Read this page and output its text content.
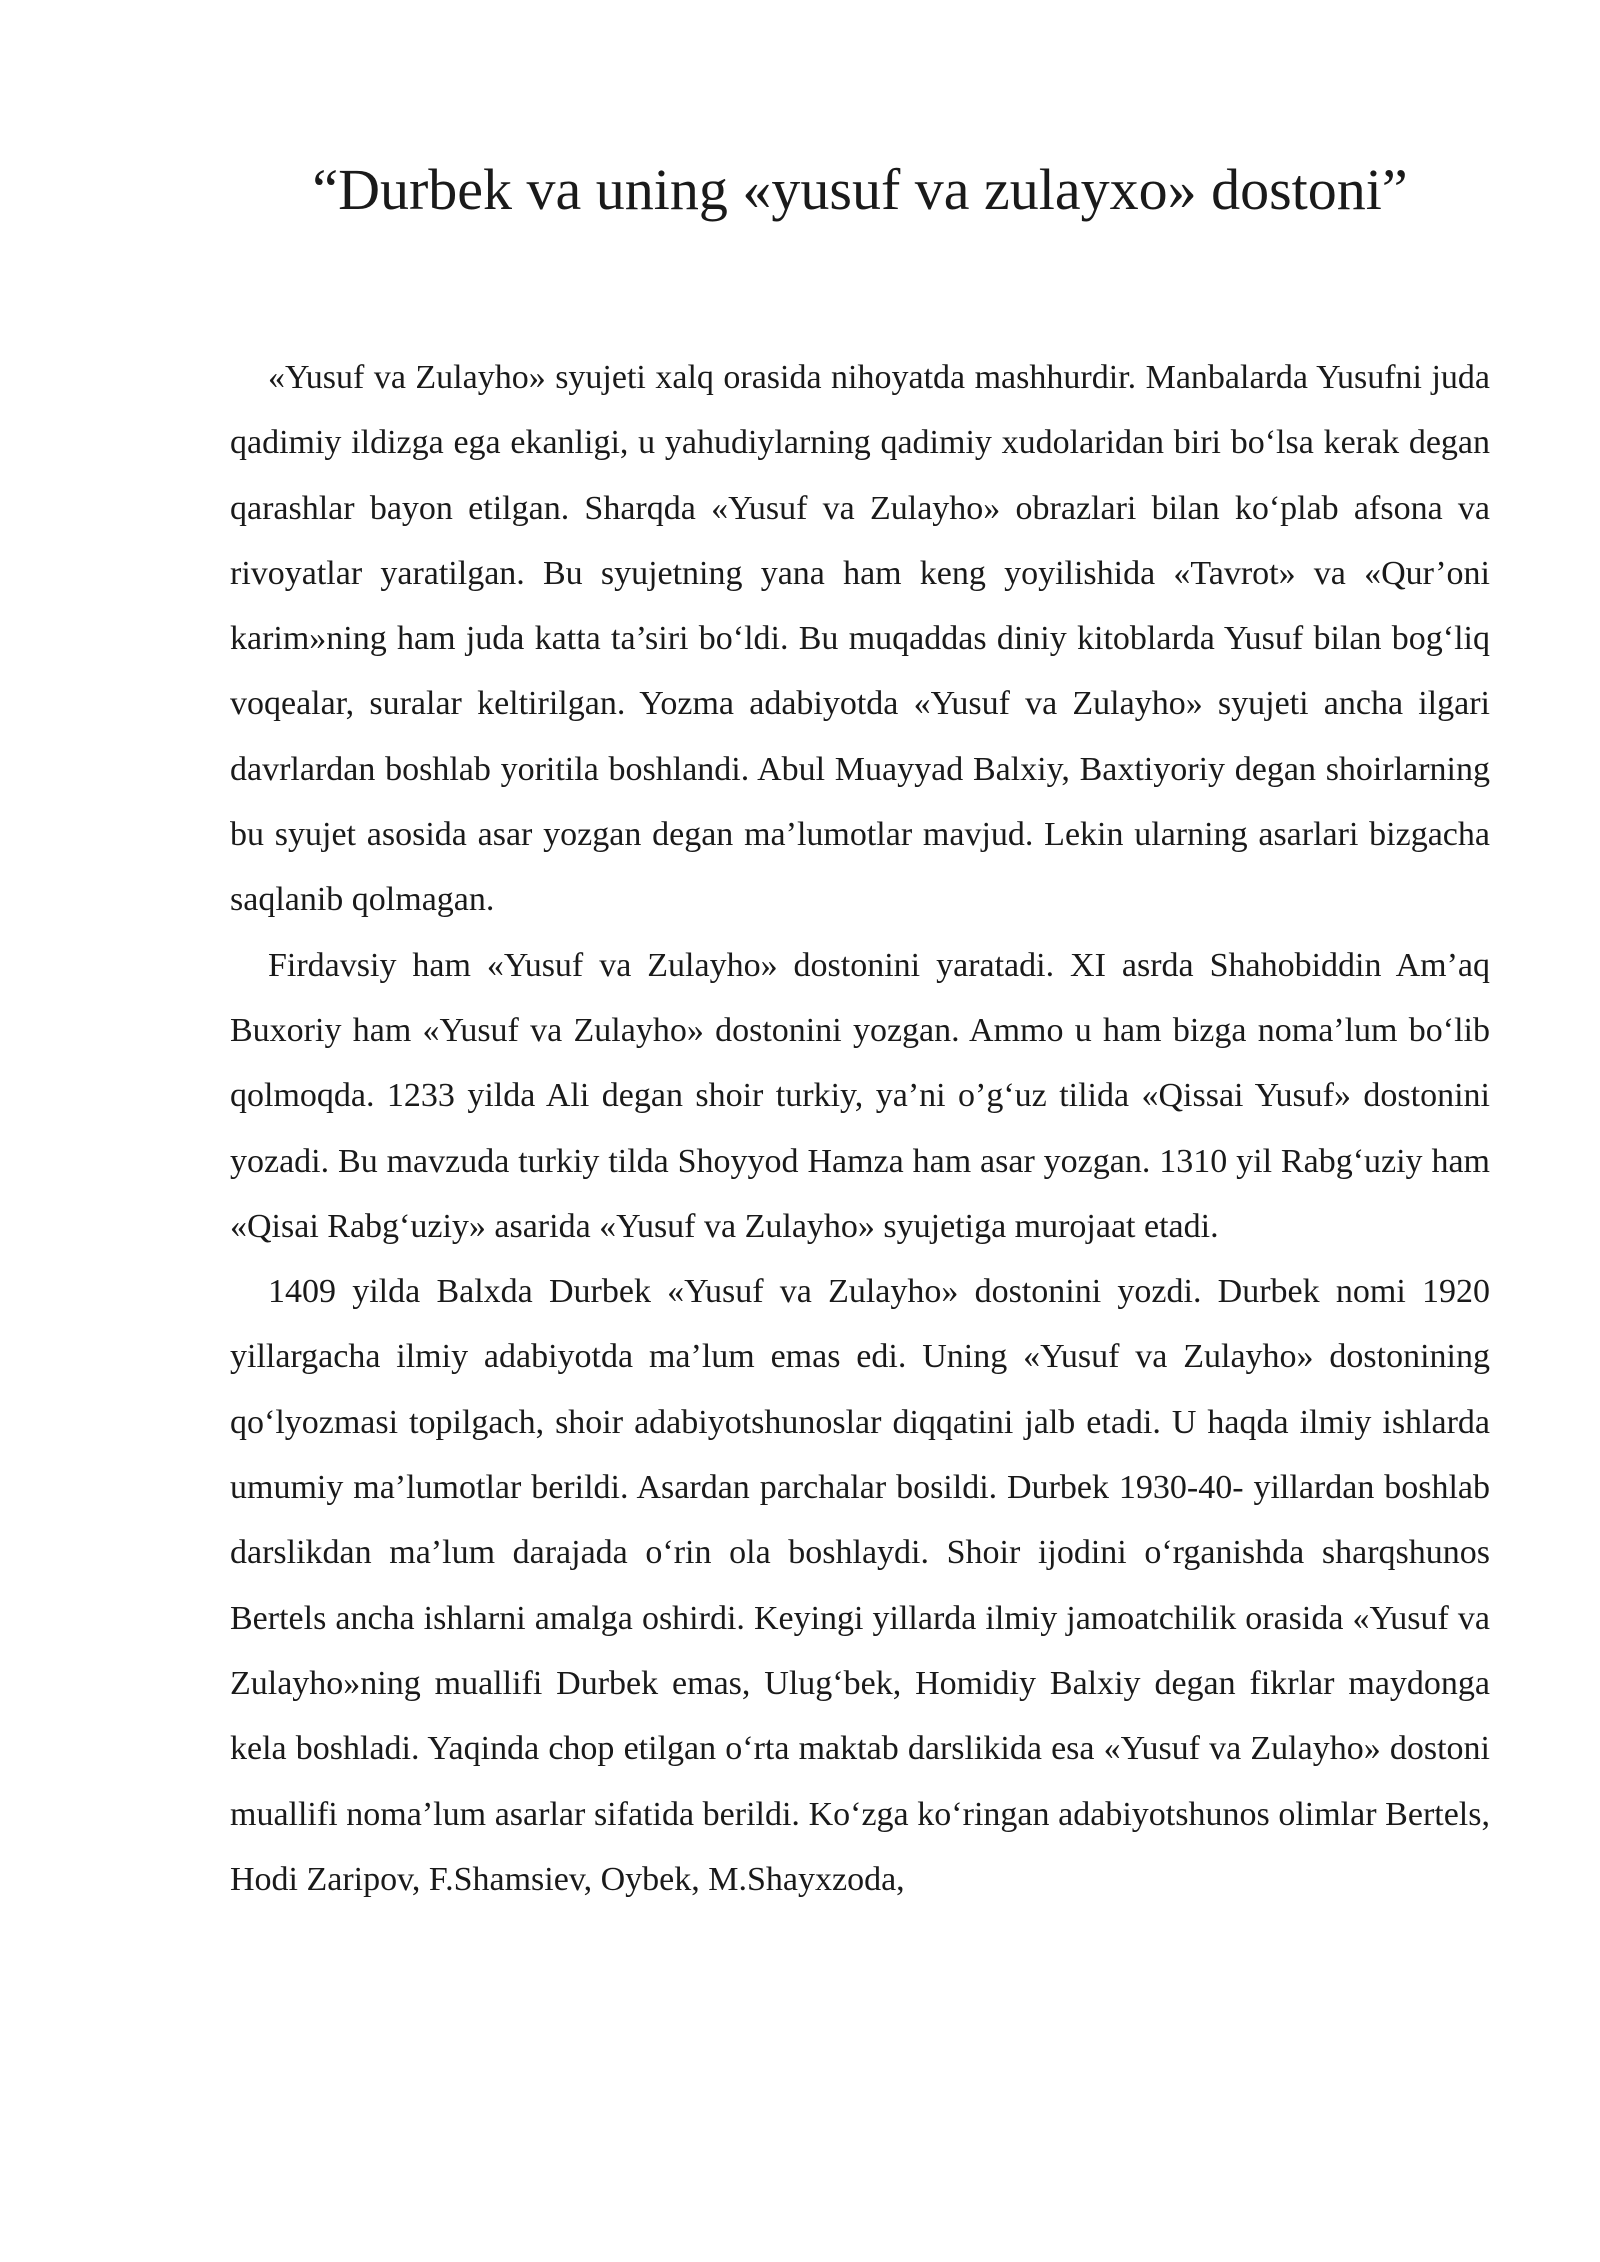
“Durbek va uning «yusuf va zulayxo» dostoni”

«Yusuf va Zulayho» syujeti xalq orasida nihoyatda mashhurdir. Manbalarda Yusufni juda qadimiy ildizga ega ekanligi, u yahudiylarning qadimiy xudolaridan biri boʻlsa kerak degan qarashlar bayon etilgan. Sharqda «Yusuf va Zulayho» obrazlari bilan koʻplab afsona va rivoyatlar yaratilgan. Bu syujetning yana ham keng yoyilishida «Tavrot» va «Qur’oni karim»ning ham juda katta ta’siri boʻldi. Bu muqaddas diniy kitoblarda Yusuf bilan bogʻliq voqealar, suralar keltirilgan. Yozma adabiyotda «Yusuf va Zulayho» syujeti ancha ilgari davrlardan boshlab yoritila boshlandi. Abul Muayyad Balxiy, Baxtiyoriy degan shoirlarning bu syujet asosida asar yozgan degan ma’lumotlar mavjud. Lekin ularning asarlari bizgacha saqlanib qolmagan.

Firdavsiy ham «Yusuf va Zulayho» dostonini yaratadi. XI asrda Shahobiddin Am’aq Buxoriy ham «Yusuf va Zulayho» dostonini yozgan. Ammo u ham bizga noma’lum boʻlib qolmoqda. 1233 yilda Ali degan shoir turkiy, ya’ni o’g‘uz tilida «Qissai Yusuf» dostonini yozadi. Bu mavzuda turkiy tilda Shoyyod Hamza ham asar yozgan. 1310 yil Rabgʻuziy ham «Qisai Rabgʻuziy» asarida «Yusuf va Zulayho» syujetiga murojaat etadi.

1409 yilda Balxda Durbek «Yusuf va Zulayho» dostonini yozdi. Durbek nomi 1920 yillargacha ilmiy adabiyotda ma’lum emas edi. Uning «Yusuf va Zulayho» dostonining qoʻlyozmasi topilgach, shoir adabiyotshunoslar diqqatini jalb etadi. U haqda ilmiy ishlarda umumiy ma’lumotlar berildi. Asardan parchalar bosildi. Durbek 1930-40- yillardan boshlab darslikdan ma’lum darajada oʻrin ola boshlaydi. Shoir ijodini oʻrganishda sharqshunos Bertels ancha ishlarni amalga oshirdi. Keyingi yillarda ilmiy jamoatchilik orasida «Yusuf va Zulayho»ning muallifi Durbek emas, Ulugʻbek, Homidiy Balxiy degan fikrlar maydonga kela boshladi. Yaqinda chop etilgan oʻrta maktab darslikida esa «Yusuf va Zulayho» dostoni muallifi noma’lum asarlar sifatida berildi. Koʻzga koʻringan adabiyotshunos olimlar Bertels, Hodi Zaripov, F.Shamsiev, Oybek, M.Shayxzoda,
